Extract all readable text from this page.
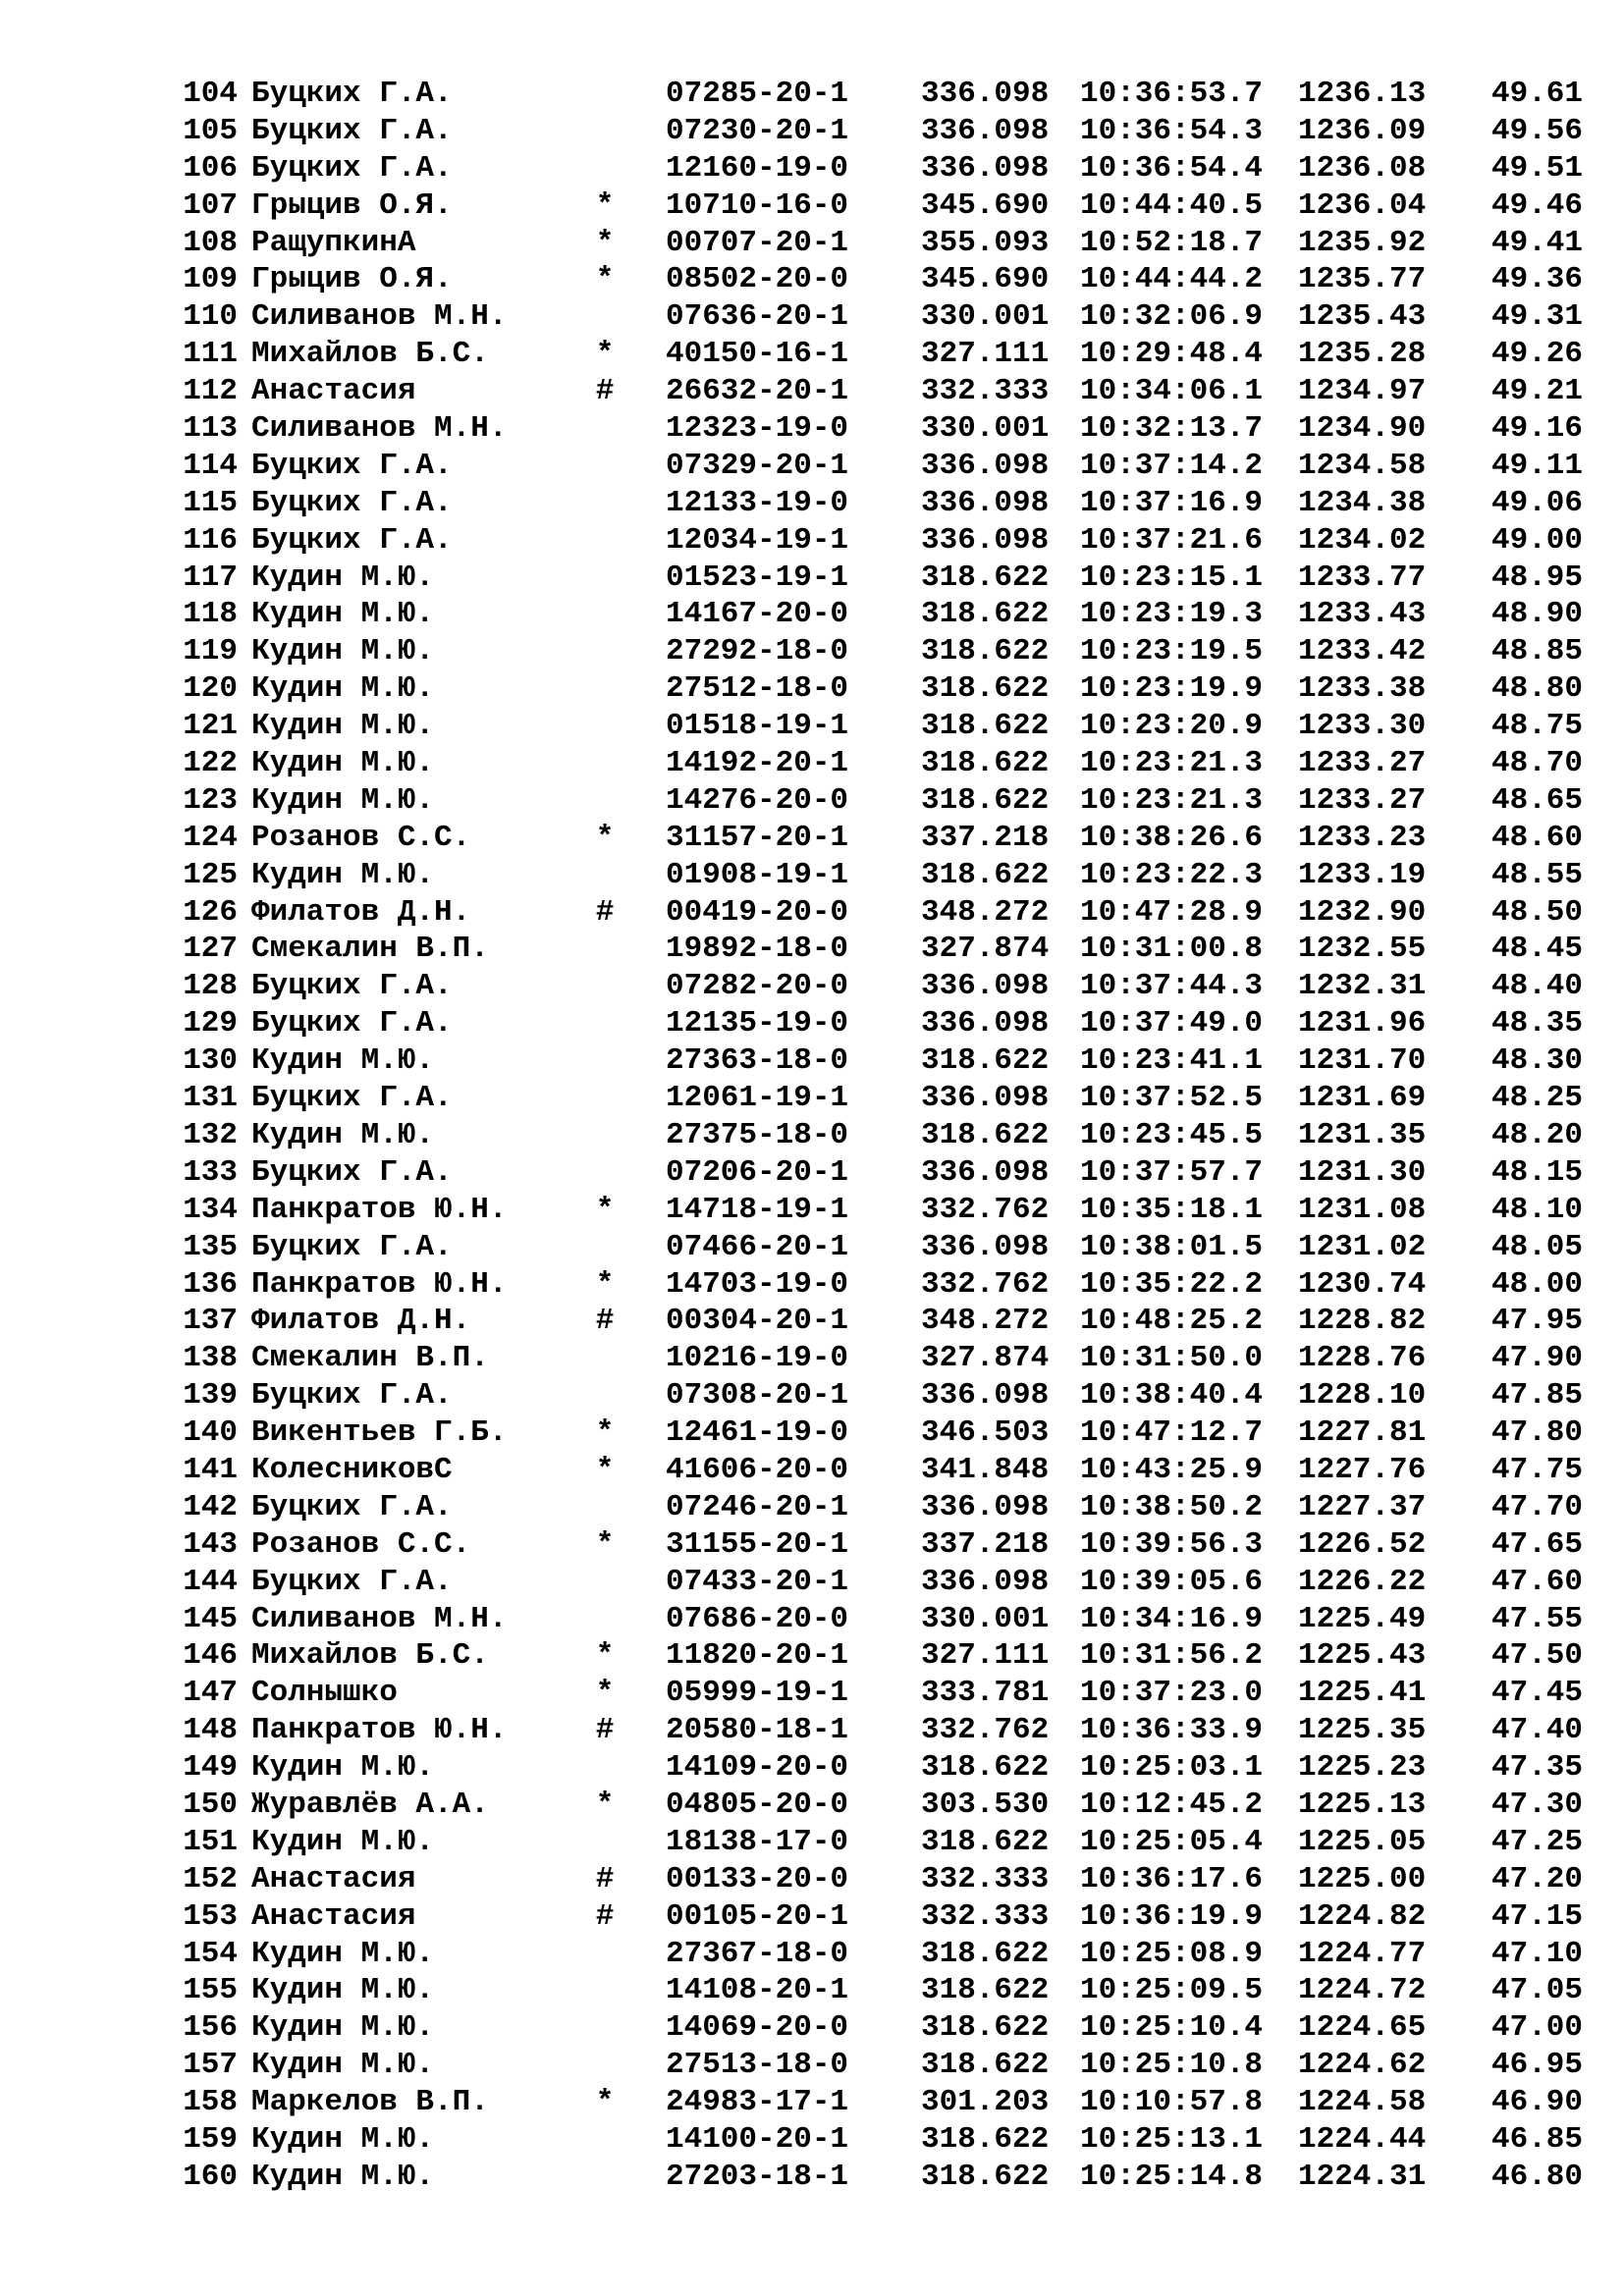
104 Буцких Г.А.	07285-20-1 336.098 10:36:53.7 1236.13	49.61
105 Буцких Г.А.	07230-20-1 336.098 10:36:54.3 1236.09	49.56
106 Буцких Г.А.	12160-19-0 336.098 10:36:54.4 1236.08	49.51
107 Грыцив О.Я.	* 10710-16-0 345.690 10:44:40.5 1236.04	49.46
108 РащупкинА	* 00707-20-1 355.093 10:52:18.7 1235.92	49.41
109 Грыцив О.Я.	* 08502-20-0 345.690 10:44:44.2 1235.77	49.36
110 Силиванов М.Н.	07636-20-1 330.001 10:32:06.9 1235.43	49.31
111 Михайлов Б.С.	* 40150-16-1 327.111 10:29:48.4 1235.28	49.26
112 Анастасия	# 26632-20-1 332.333 10:34:06.1 1234.97	49.21
113 Силиванов М.Н.	12323-19-0 330.001 10:32:13.7 1234.90	49.16
114 Буцких Г.А.	07329-20-1 336.098 10:37:14.2 1234.58	49.11
115 Буцких Г.А.	12133-19-0 336.098 10:37:16.9 1234.38	49.06
116 Буцких Г.А.	12034-19-1 336.098 10:37:21.6 1234.02	49.00
117 Кудин М.Ю.	01523-19-1 318.622 10:23:15.1 1233.77	48.95
118 Кудин М.Ю.	14167-20-0 318.622 10:23:19.3 1233.43	48.90
119 Кудин М.Ю.	27292-18-0 318.622 10:23:19.5 1233.42	48.85
120 Кудин М.Ю.	27512-18-0 318.622 10:23:19.9 1233.38	48.80
121 Кудин М.Ю.	01518-19-1 318.622 10:23:20.9 1233.30	48.75
122 Кудин М.Ю.	14192-20-1 318.622 10:23:21.3 1233.27	48.70
123 Кудин М.Ю.	14276-20-0 318.622 10:23:21.3 1233.27	48.65
124 Розанов С.С.	* 31157-20-1 337.218 10:38:26.6 1233.23	48.60
125 Кудин М.Ю.	01908-19-1 318.622 10:23:22.3 1233.19	48.55
126 Филатов Д.Н.	# 00419-20-0 348.272 10:47:28.9 1232.90	48.50
127 Смекалин В.П.	19892-18-0 327.874 10:31:00.8 1232.55	48.45
128 Буцких Г.А.	07282-20-0 336.098 10:37:44.3 1232.31	48.40
129 Буцких Г.А.	12135-19-0 336.098 10:37:49.0 1231.96	48.35
130 Кудин М.Ю.	27363-18-0 318.622 10:23:41.1 1231.70	48.30
131 Буцких Г.А.	12061-19-1 336.098 10:37:52.5 1231.69	48.25
132 Кудин М.Ю.	27375-18-0 318.622 10:23:45.5 1231.35	48.20
133 Буцких Г.А.	07206-20-1 336.098 10:37:57.7 1231.30	48.15
134 Панкратов Ю.Н.	* 14718-19-1 332.762 10:35:18.1 1231.08	48.10
135 Буцких Г.А.	07466-20-1 336.098 10:38:01.5 1231.02	48.05
136 Панкратов Ю.Н.	* 14703-19-0 332.762 10:35:22.2 1230.74	48.00
137 Филатов Д.Н.	# 00304-20-1 348.272 10:48:25.2 1228.82	47.95
138 Смекалин В.П.	10216-19-0 327.874 10:31:50.0 1228.76	47.90
139 Буцких Г.А.	07308-20-1 336.098 10:38:40.4 1228.10	47.85
140 Викентьев Г.Б.	* 12461-19-0 346.503 10:47:12.7 1227.81	47.80
141 КолесниковС	* 41606-20-0 341.848 10:43:25.9 1227.76	47.75
142 Буцких Г.А.	07246-20-1 336.098 10:38:50.2 1227.37	47.70
143 Розанов С.С.	* 31155-20-1 337.218 10:39:56.3 1226.52	47.65
144 Буцких Г.А.	07433-20-1 336.098 10:39:05.6 1226.22	47.60
145 Силиванов М.Н.	07686-20-0 330.001 10:34:16.9 1225.49	47.55
146 Михайлов Б.С.	* 11820-20-1 327.111 10:31:56.2 1225.43	47.50
147 Солнышко	* 05999-19-1 333.781 10:37:23.0 1225.41	47.45
148 Панкратов Ю.Н.	# 20580-18-1 332.762 10:36:33.9 1225.35	47.40
149 Кудин М.Ю.	14109-20-0 318.622 10:25:03.1 1225.23	47.35
150 Журавлёв А.А.	* 04805-20-0 303.530 10:12:45.2 1225.13	47.30
151 Кудин М.Ю.	18138-17-0 318.622 10:25:05.4 1225.05	47.25
152 Анастасия	# 00133-20-0 332.333 10:36:17.6 1225.00	47.20
153 Анастасия	# 00105-20-1 332.333 10:36:19.9 1224.82	47.15
154 Кудин М.Ю.	27367-18-0 318.622 10:25:08.9 1224.77	47.10
155 Кудин М.Ю.	14108-20-1 318.622 10:25:09.5 1224.72	47.05
156 Кудин М.Ю.	14069-20-0 318.622 10:25:10.4 1224.65	47.00
157 Кудин М.Ю.	27513-18-0 318.622 10:25:10.8 1224.62	46.95
158 Маркелов В.П.	* 24983-17-1 301.203 10:10:57.8 1224.58	46.90
159 Кудин М.Ю.	14100-20-1 318.622 10:25:13.1 1224.44	46.85
160 Кудин М.Ю.	27203-18-1 318.622 10:25:14.8 1224.31	46.80
